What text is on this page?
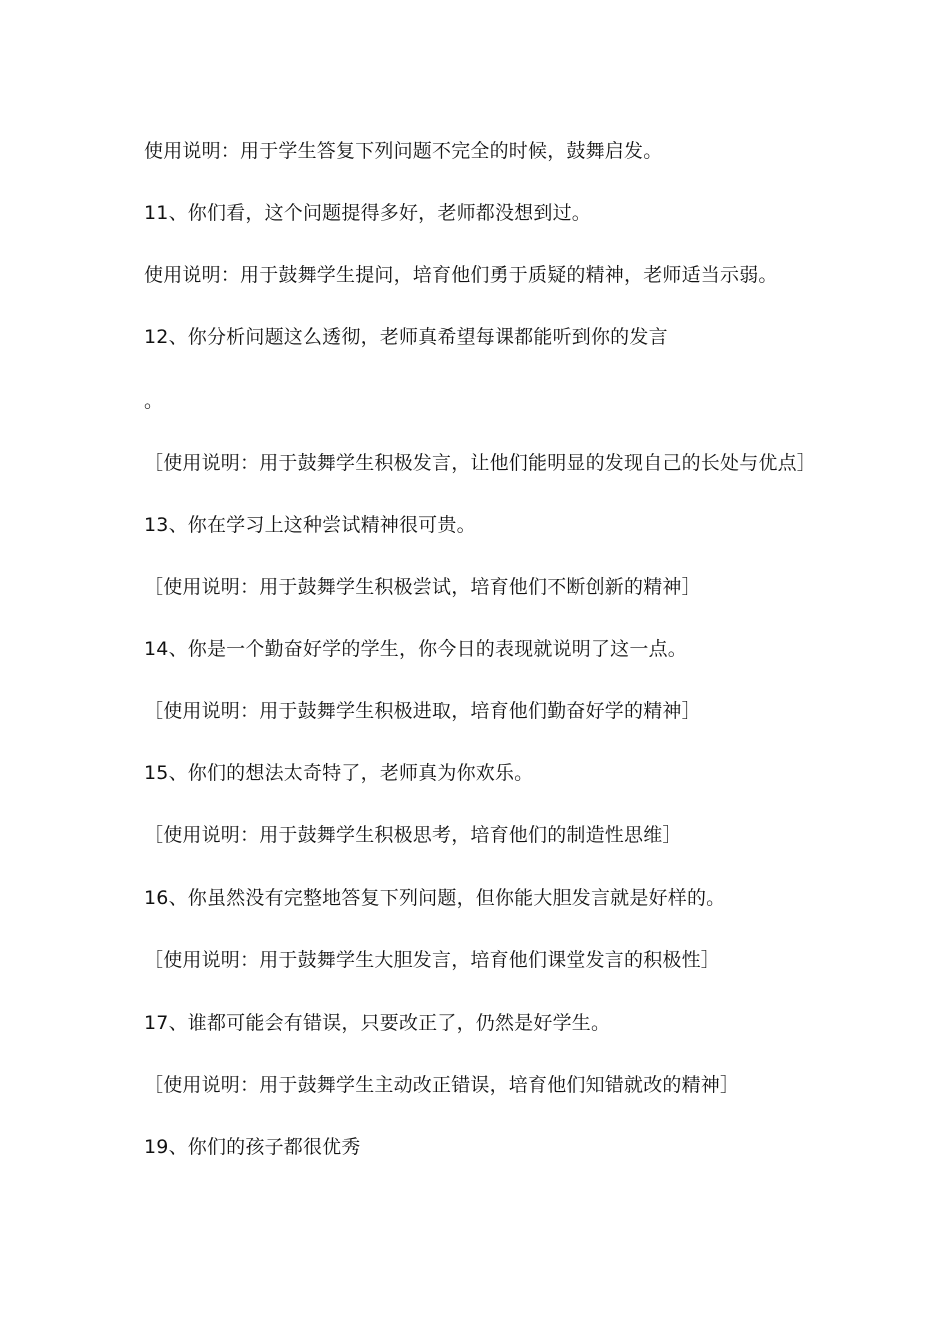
使用说明：用于学生答复下列问题不完全的时候，鼓舞启发。
11、你们看，这个问题提得多好，老师都没想到过。
使用说明：用于鼓舞学生提问，培育他们勇于质疑的精神，老师适当示弱。
12、你分析问题这么透彻，老师真希望每课都能听到你的发言
。
［使用说明：用于鼓舞学生积极发言，让他们能明显的发现自己的长处与优点］
13、你在学习上这种尝试精神很可贵。
［使用说明：用于鼓舞学生积极尝试，培育他们不断创新的精神］
14、你是一个勤奋好学的学生，你今日的表现就说明了这一点。
［使用说明：用于鼓舞学生积极进取，培育他们勤奋好学的精神］
15、你们的想法太奇特了，老师真为你欢乐。
［使用说明：用于鼓舞学生积极思考，培育他们的制造性思维］
16、你虽然没有完整地答复下列问题，但你能大胆发言就是好样的。
［使用说明：用于鼓舞学生大胆发言，培育他们课堂发言的积极性］
17、谁都可能会有错误，只要改正了，仍然是好学生。
［使用说明：用于鼓舞学生主动改正错误，培育他们知错就改的精神］
19、你们的孩子都很优秀
